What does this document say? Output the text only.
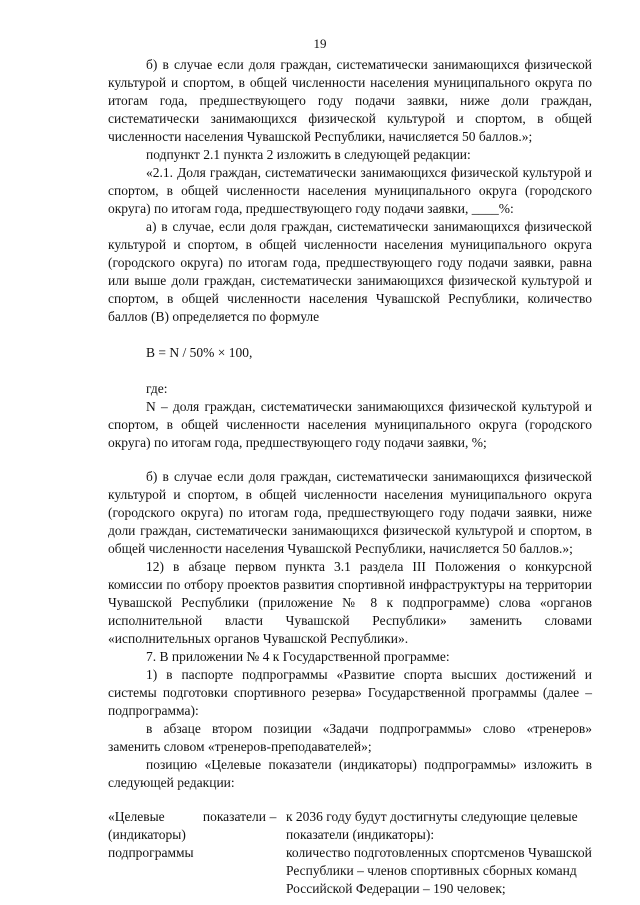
19

б) в случае если доля граждан, систематически занимающихся физической культурой и спортом, в общей численности населения муниципального округа по итогам года, предшествующего году подачи заявки, ниже доли граждан, систематически занимающихся физической культурой и спортом, в общей численности населения Чувашской Республики, начисляется 50 баллов.»;

подпункт 2.1 пункта 2 изложить в следующей редакции:

«2.1. Доля граждан, систематически занимающихся физической культурой и спортом, в общей численности населения муниципального округа (городского округа) по итогам года, предшествующего году подачи заявки, ____%:

а) в случае, если доля граждан, систематически занимающихся физической культурой и спортом, в общей численности населения муниципального округа (городского округа) по итогам года, предшествующего году подачи заявки, равна или выше доли граждан, систематически занимающихся физической культурой и спортом, в общей численности населения Чувашской Республики, количество баллов (В) определяется по формуле

В = N / 50% × 100,

где:

N – доля граждан, систематически занимающихся физической культурой и спортом, в общей численности населения муниципального округа (городского округа) по итогам года, предшествующего году подачи заявки, %;

б) в случае если доля граждан, систематически занимающихся физической культурой и спортом, в общей численности населения муниципального округа (городского округа) по итогам года, предшествующего году подачи заявки, ниже доли граждан, систематически занимающихся физической культурой и спортом, в общей численности населения Чувашской Республики, начисляется 50 баллов.»;

12) в абзаце первом пункта 3.1 раздела III Положения о конкурсной комиссии по отбору проектов развития спортивной инфраструктуры на территории Чувашской Республики (приложение № 8 к подпрограмме) слова «органов исполнительной власти Чувашской Республики» заменить словами «исполнительных органов Чувашской Республики».

7. В приложении № 4 к Государственной программе:

1) в паспорте подпрограммы «Развитие спорта высших достижений и системы подготовки спортивного резерва» Государственной программы (далее – подпрограмма):

в абзаце втором позиции «Задачи подпрограммы» слово «тренеров» заменить словом «тренеров-преподавателей»;

позицию «Целевые показатели (индикаторы) подпрограммы» изложить в следующей редакции:

«Целевые показатели (индикаторы) подпрограммы
– к 2036 году будут достигнуты следующие целевые показатели (индикаторы):

количество подготовленных спортсменов Чувашской Республики – членов спортивных сборных команд Российской Федерации – 190 человек;
